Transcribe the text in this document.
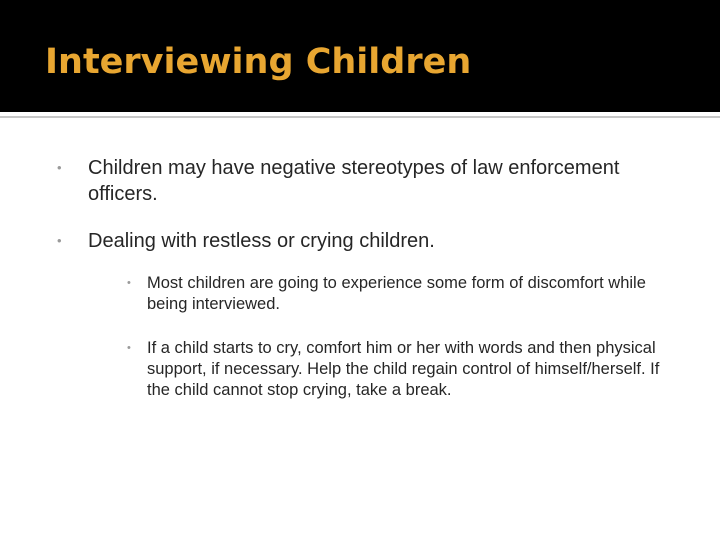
Interviewing Children
• Children may have negative stereotypes of law enforcement officers.
• Dealing with restless or crying children.
• Most children are going to experience some form of discomfort while being interviewed.
• If a child starts to cry, comfort him or her with words and then physical support, if necessary. Help the child regain control of himself/herself. If the child cannot stop crying, take a break.
